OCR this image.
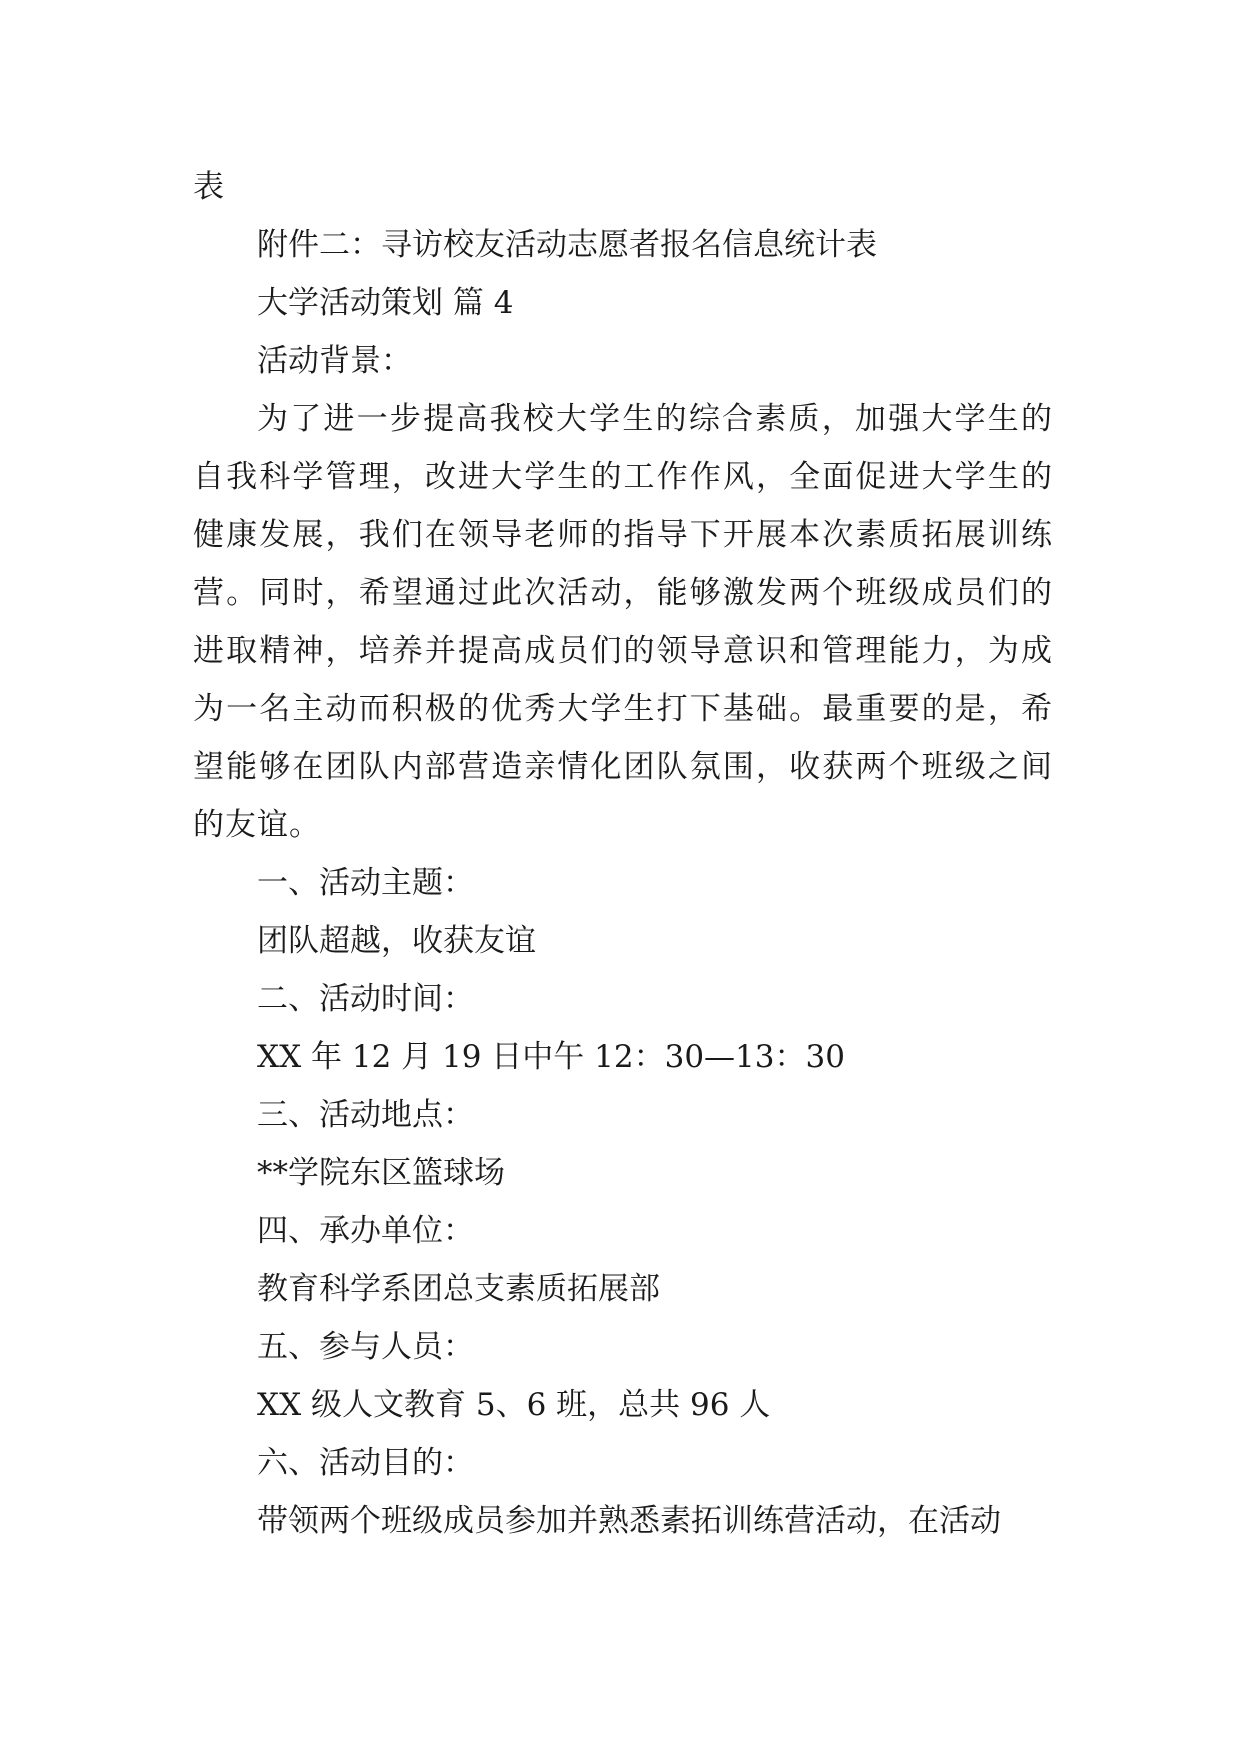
表

附件二：寻访校友活动志愿者报名信息统计表

大学活动策划 篇 4

活动背景：

为了进一步提高我校大学生的综合素质，加强大学生的自我科学管理，改进大学生的工作作风，全面促进大学生的健康发展，我们在领导老师的指导下开展本次素质拓展训练营。同时，希望通过此次活动，能够激发两个班级成员们的进取精神，培养并提高成员们的领导意识和管理能力，为成为一名主动而积极的优秀大学生打下基础。最重要的是，希望能够在团队内部营造亲情化团队氛围，收获两个班级之间的友谊。

一、活动主题：

团队超越，收获友谊

二、活动时间：

XX 年 12 月 19 日中午 12：30—13：30

三、活动地点：

**学院东区篮球场

四、承办单位：

教育科学系团总支素质拓展部

五、参与人员：

XX 级人文教育 5、6 班，总共 96 人

六、活动目的：

带领两个班级成员参加并熟悉素拓训练营活动，在活动
